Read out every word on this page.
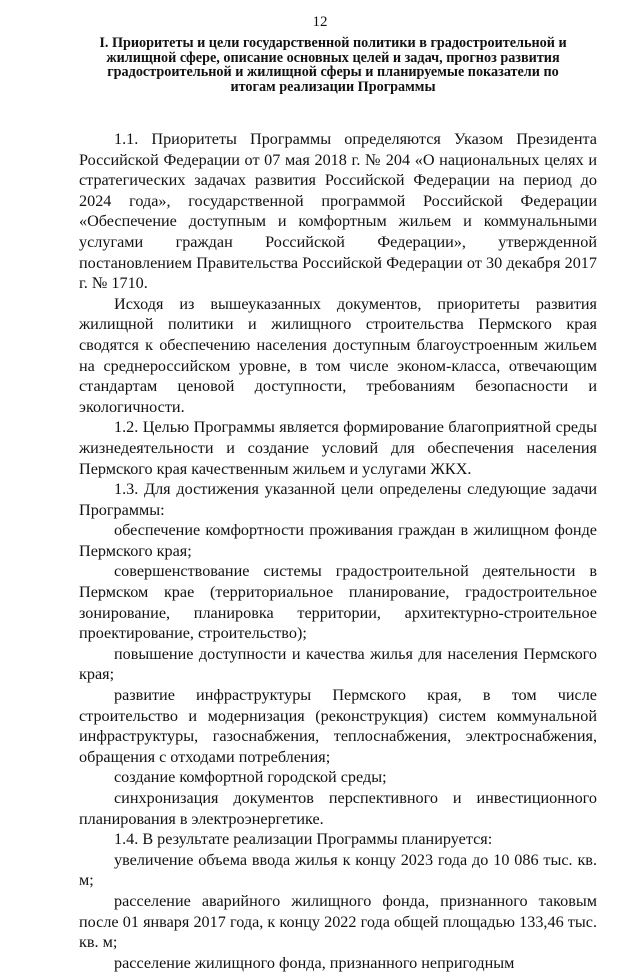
12
I. Приоритеты и цели государственной политики в градостроительной и жилищной сфере, описание основных целей и задач, прогноз развития градостроительной и жилищной сферы и планируемые показатели по итогам реализации Программы

1.1. Приоритеты Программы определяются Указом Президента Российской Федерации от 07 мая 2018 г. № 204 «О национальных целях и стратегических задачах развития Российской Федерации на период до 2024 года», государственной программой Российской Федерации «Обеспечение доступным и комфортным жильем и коммунальными услугами граждан Российской Федерации», утвержденной постановлением Правительства Российской Федерации от 30 декабря 2017 г. № 1710.

Исходя из вышеуказанных документов, приоритеты развития жилищной политики и жилищного строительства Пермского края сводятся к обеспечению населения доступным благоустроенным жильем на среднероссийском уровне, в том числе эконом-класса, отвечающим стандартам ценовой доступности, требованиям безопасности и экологичности.

1.2. Целью Программы является формирование благоприятной среды жизнедеятельности и создание условий для обеспечения населения Пермского края качественным жильем и услугами ЖКХ.

1.3. Для достижения указанной цели определены следующие задачи Программы:

обеспечение комфортности проживания граждан в жилищном фонде Пермского края;

совершенствование системы градостроительной деятельности в Пермском крае (территориальное планирование, градостроительное зонирование, планировка территории, архитектурно-строительное проектирование, строительство);

повышение доступности и качества жилья для населения Пермского края;

развитие инфраструктуры Пермского края, в том числе строительство и модернизация (реконструкция) систем коммунальной инфраструктуры, газоснабжения, теплоснабжения, электроснабжения, обращения с отходами потребления;

создание комфортной городской среды;

синхронизация документов перспективного и инвестиционного планирования в электроэнергетике.

1.4. В результате реализации Программы планируется:

увеличение объема ввода жилья к концу 2023 года до 10 086 тыс. кв. м;

расселение аварийного жилищного фонда, признанного таковым после 01 января 2017 года, к концу 2022 года общей площадью 133,46 тыс. кв. м;

расселение жилищного фонда, признанного непригодным
